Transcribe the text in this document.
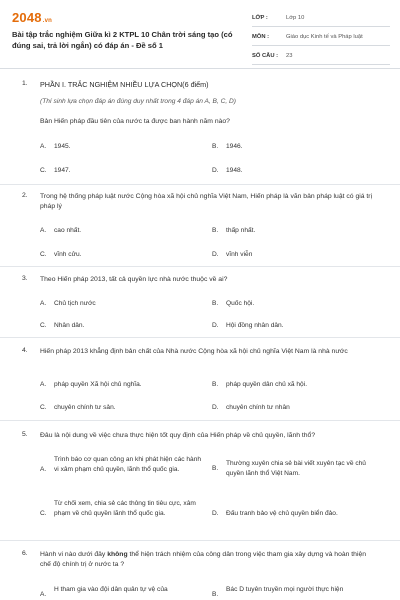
2048.vn
Bài tập trắc nghiệm Giữa kì 2 KTPL 10 Chân trời sáng tạo (có đúng sai, trả lời ngắn) có đáp án - Đề số 1
LỚP :	Lớp 10
MÔN :	Giáo dục Kinh tế và Pháp luật
SỐ CÂU : 23
1. PHẦN I. TRẮC NGHIỆM NHIỀU LỰA CHỌN(6 điểm)
(Thí sinh lựa chọn đáp án đúng duy nhất trong 4 đáp án A, B, C, D)
Bản Hiến pháp đầu tiên của nước ta được ban hành năm nào?
A. 1945.	B. 1946.
C. 1947.	D. 1948.
2. Trong hệ thống pháp luật nước Cộng hòa xã hội chủ nghĩa Việt Nam, Hiến pháp là văn bản pháp luật có giá trị pháp lý
A. cao nhất.	B. thấp nhất.
C. vĩnh cửu.	D. vĩnh viễn
3. Theo Hiến pháp 2013, tất cả quyền lực nhà nước thuộc về ai?
A. Chủ tịch nước	B. Quốc hội.
C. Nhân dân.	D. Hội đồng nhân dân.
4. Hiến pháp 2013 khẳng định bản chất của Nhà nước Cộng hòa xã hội chủ nghĩa Việt Nam là nhà nước
A. pháp quyền Xã hội chủ nghĩa.	B. pháp quyền dân chủ xã hội.
C. chuyên chính tư sản.	D. chuyên chính tư nhân
5. Đâu là nội dung về việc chưa thực hiện tốt quy định của Hiến pháp về chủ quyền, lãnh thổ?
A.
Trình báo cơ quan công an khi phát hiện các hành vi xâm phạm chủ quyền, lãnh thổ quốc gia.	B.
Thường xuyên chia sẻ bài viết xuyên tạc về chủ quyền lãnh thổ Việt Nam.
C.
Từ chối xem, chia sẻ các thông tin tiêu cực, xâm phạm về chủ quyền lãnh thổ quốc gia.	D. Đấu tranh bảo vệ chủ quyền biển đảo.
6. Hành vi nào dưới đây không thể hiện trách nhiệm của công dân trong việc tham gia xây dựng và hoàn thiện chế độ chính trị ở nước ta ?
A.
H tham gia vào đội dân quân tự vệ của
B.
Bác D tuyên truyền mọi người thực hiện
